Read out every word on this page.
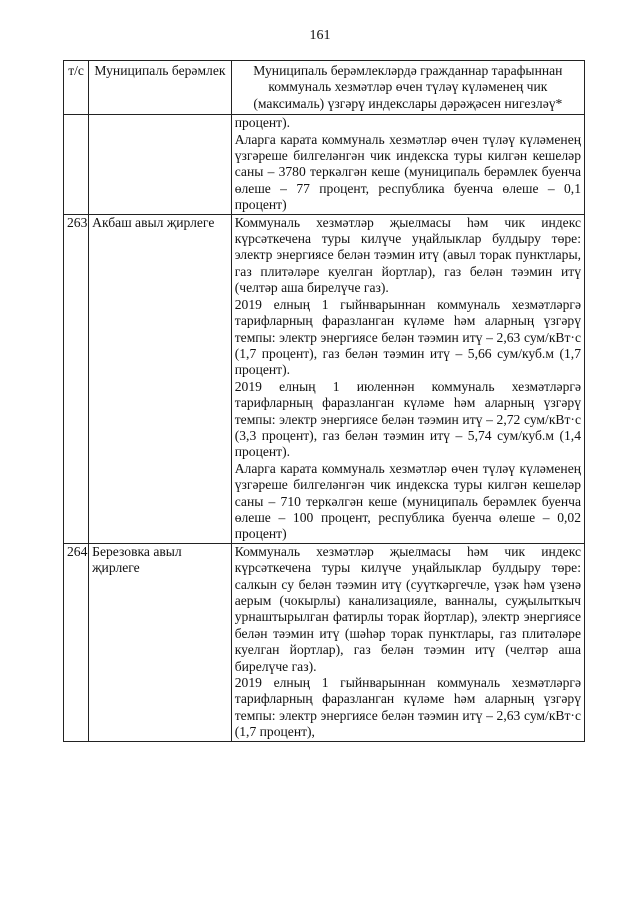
161
т/с	Муниципаль берәмлек	Муниципаль берәмлекләрдә гражданнар тарафыннан коммуналь хезмәтләр өчен түләү күләменең чик (максималь) үзгәрү индекслары дәрәҗәсен нигезләү*

		процент).

Аларга карата коммуналь хезмәтләр өчен түләү күләменең үзгәреше билгеләнгән чик индекска туры килгән кешеләр саны – 3780 теркәлгән кеше (муниципаль берәмлек буенча өлеше – 77 процент, республика буенча өлеше – 0,1 процент)

263	Акбаш авыл җирлеге	Коммуналь хезмәтләр җыелмасы һәм чик индекс күрсәткечена туры килүче уңайлыклар булдыру төре: электр энергиясе белән тәэмин итү (авыл торак пунктлары, газ плитәләре куелган йортлар), газ белән тәэмин итү (челтәр аша бирелүче газ).

2019 елның 1 гыйнварыннан коммуналь хезмәтләргә тарифларның фаразланган күләме һәм аларның үзгәрү темпы: электр энергиясе белән тәэмин итү – 2,63 сум/кВт·с (1,7 процент), газ белән тәэмин итү – 5,66 сум/куб.м (1,7 процент).

2019 елның 1 июленнән коммуналь хезмәтләргә тарифларның фаразланган күләме һәм аларның үзгәрү темпы: электр энергиясе белән тәэмин итү – 2,72 сум/кВт·с (3,3 процент), газ белән тәэмин итү – 5,74 сум/куб.м (1,4 процент).

Аларга карата коммуналь хезмәтләр өчен түләү күләменең үзгәреше билгеләнгән чик индекска туры килгән кешеләр саны – 710 теркәлгән кеше (муниципаль берәмлек буенча өлеше – 100 процент, республика буенча өлеше – 0,02 процент)

264	Березовка авыл җирлеге	Коммуналь хезмәтләр җыелмасы һәм чик индекс күрсәткечена туры килүче уңайлыклар булдыру төре: салкын су белән тәэмин итү (суүткәргечле, үзәк һәм үзенә аерым (чокырлы) канализацияле, ванналы, суҗылыткыч урнаштырылган фатирлы торак йортлар), электр энергиясе белән тәэмин итү (шәһәр торак пунктлары, газ плитәләре куелган йортлар), газ белән тәэмин итү (челтәр аша бирелүче газ).

2019 елның 1 гыйнварыннан коммуналь хезмәтләргә тарифларның фаразланган күләме һәм аларның үзгәрү темпы: электр энергиясе белән тәэмин итү – 2,63 сум/кВт·с (1,7 процент),
